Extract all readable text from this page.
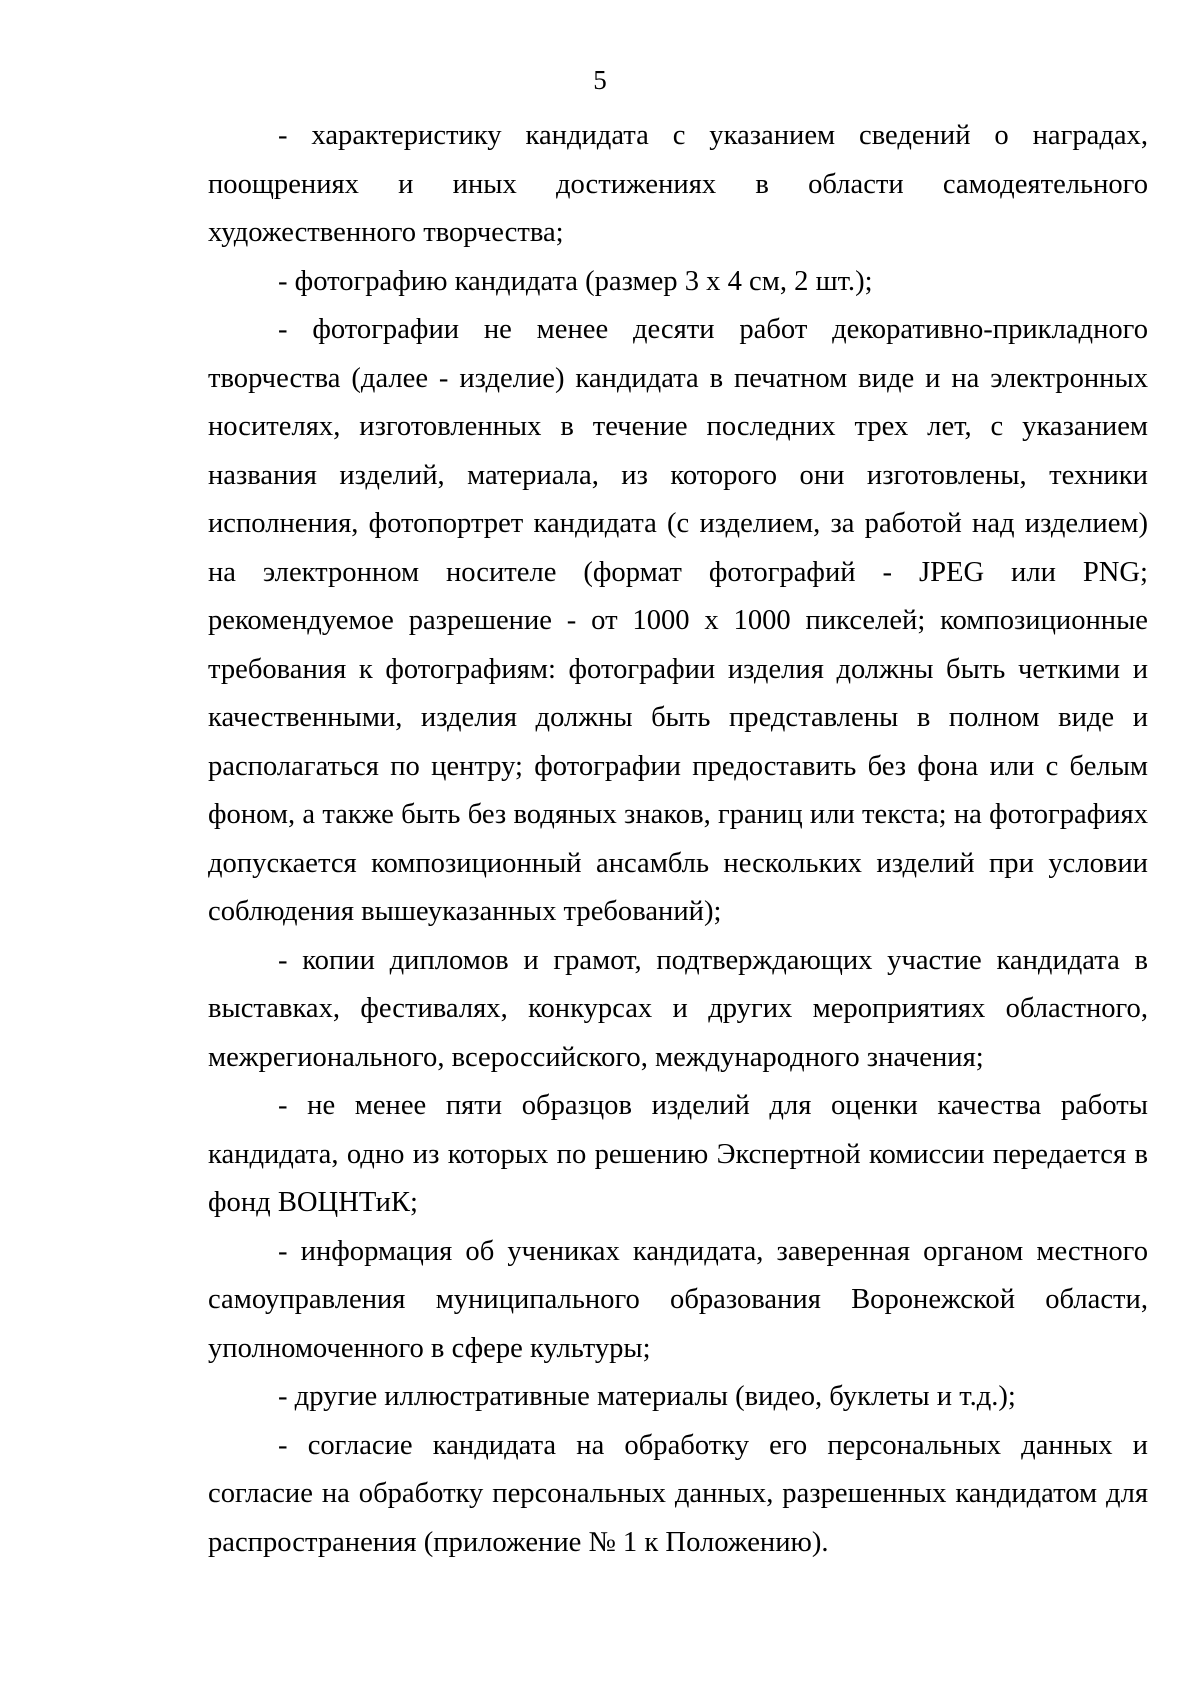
5

- характеристику кандидата с указанием сведений о наградах, поощрениях и иных достижениях в области самодеятельного художественного творчества;

- фотографию кандидата (размер 3 х 4 см, 2 шт.);

- фотографии не менее десяти работ декоративно-прикладного творчества (далее - изделие) кандидата в печатном виде и на электронных носителях, изготовленных в течение последних трех лет, с указанием названия изделий, материала, из которого они изготовлены, техники исполнения, фотопортрет кандидата (с изделием, за работой над изделием) на электронном носителе (формат фотографий - JPEG или PNG; рекомендуемое разрешение - от 1000 х 1000 пикселей; композиционные требования к фотографиям: фотографии изделия должны быть четкими и качественными, изделия должны быть представлены в полном виде и располагаться по центру; фотографии предоставить без фона или с белым фоном, а также быть без водяных знаков, границ или текста; на фотографиях допускается композиционный ансамбль нескольких изделий при условии соблюдения вышеуказанных требований);

- копии дипломов и грамот, подтверждающих участие кандидата в выставках, фестивалях, конкурсах и других мероприятиях областного, межрегионального, всероссийского, международного значения;

- не менее пяти образцов изделий для оценки качества работы кандидата, одно из которых по решению Экспертной комиссии передается в фонд ВОЦНТиК;

- информация об учениках кандидата, заверенная органом местного самоуправления муниципального образования Воронежской области, уполномоченного в сфере культуры;

- другие иллюстративные материалы (видео, буклеты и т.д.);

- согласие кандидата на обработку его персональных данных и согласие на обработку персональных данных, разрешенных кандидатом для распространения (приложение № 1 к Положению).
